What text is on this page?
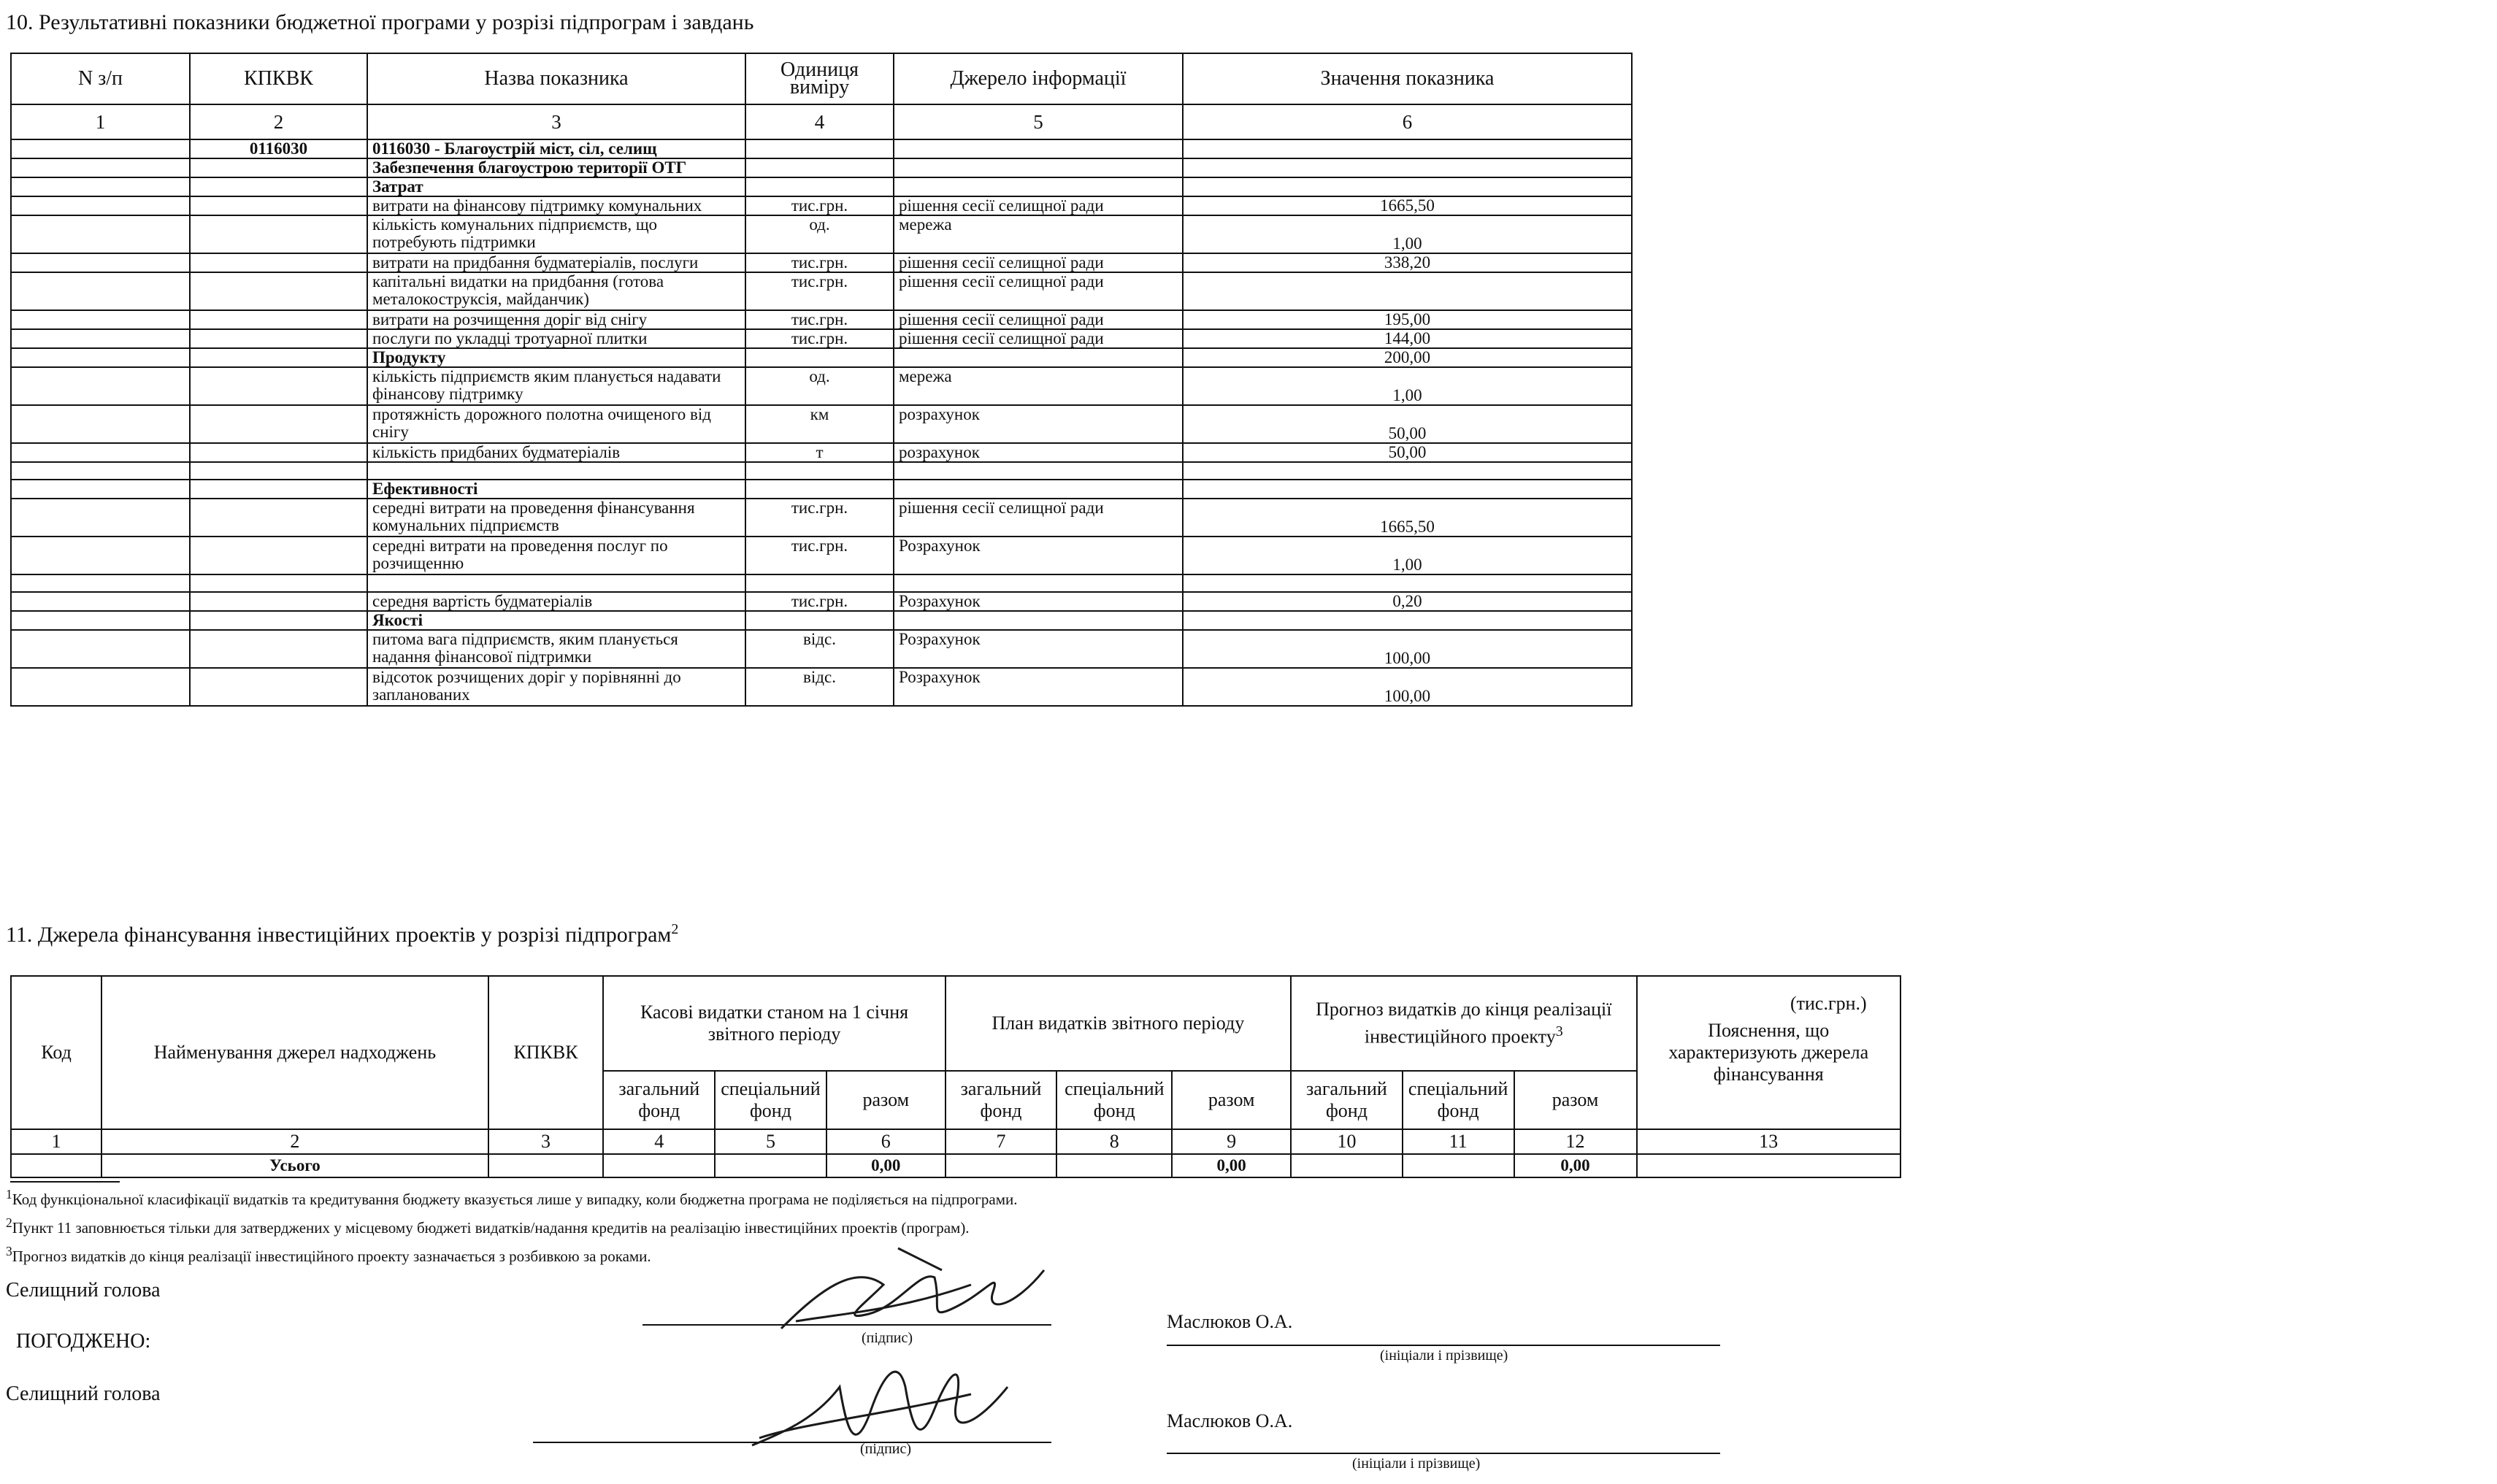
10. Результативні показники бюджетної програми у розрізі підпрограм і завдань
N з/п	КПКВК	Назва показника	Одиниця виміру	Джерело інформації	Значення показника
1	2	3	4	5	6
	0116030	0116030 - Благоустрій міст, сіл, селищ			
		Забезпечення благоустрою території ОТГ			
		Затрат			
		витрати на фінансову підтримку комунальних	тис.грн.	рішення сесії селищної ради	1665,50
		кількість комунальних підприємств, що потребують підтримки	од.	мережа	1,00
		витрати на придбання будматеріалів, послуги	тис.грн.	рішення сесії селищної ради	338,20
		капітальні видатки на придбання (готова металокоструксія, майданчик)	тис.грн.	рішення сесії селищної ради	
		витрати на розчищення доріг від снігу	тис.грн.	рішення сесії селищної ради	195,00
		послуги по укладці тротуарної плитки	тис.грн.	рішення сесії селищної ради	144,00
		Продукту			200,00
		кількість підприємств яким планується надавати фінансову підтримку	од.	мережа	1,00
		протяжність дорожного полотна очищеного від снігу	км	розрахунок	50,00
		кількість придбаних будматеріалів	т	розрахунок	50,00

		Ефективності			
		середні витрати на проведення фінансування комунальних підприємств	тис.грн.	рішення сесії селищної ради	1665,50
		середні витрати на проведення послуг по розчищенню	тис.грн.	Розрахунок	1,00

		середня вартість будматеріалів	тис.грн.	Розрахунок	0,20
		Якості			
		питома вага підприємств, яким планується надання фінансової підтримки	відс.	Розрахунок	100,00
		відсоток розчищених доріг у порівнянні до запланованих	відс.	Розрахунок	100,00
11. Джерела фінансування інвестиційних проектів у розрізі підпрограм$^2$
(тис.грн.)
Код	Найменування джерел надходжень	КПКВК	Касові видатки станом на 1 січня звітного періоду			План видатків звітного періоду			Прогноз видатків до кінця реалізації інвестиційного проекту$^3$			Пояснення, що характеризують джерела фінансування
			загальний фонд	спеціальний фонд	разом	загальний фонд	спеціальний фонд	разом	загальний фонд	спеціальний фонд	разом	
1	2	3	4	5	6	7	8	9	10	11	12	13
	Усього				0,00			0,00			0,00	
$^1$Код функціональної класифікації видатків та кредитування бюджету вказується лише у випадку, коли бюджетна програма не поділяється на підпрограми.
$^2$Пункт 11 заповнюється тільки для затверджених у місцевому бюджеті видатків/надання кредитів на реалізацію інвестиційних проектів (програм).
$^3$Прогноз видатків до кінця реалізації інвестиційного проекту зазначається з розбивкою за роками.
Селищний голова
ПОГОДЖЕНО:
Селищний голова
(підпис)
Маслюков О.А.
(ініціали і прізвище)
(підпис)
Маслюков О.А.
(ініціали і прізвище)
